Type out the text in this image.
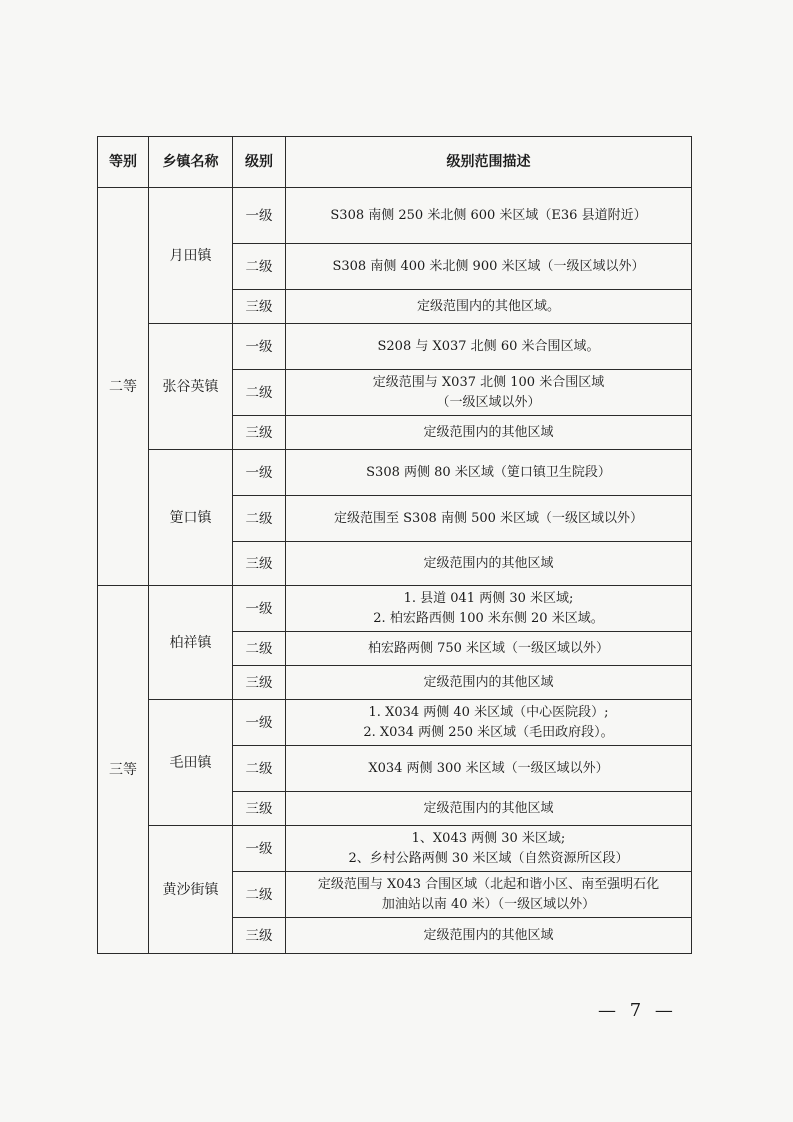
等别	乡镇名称	级别	级别范围描述
二等	月田镇	一级	S308 南侧 250 米北侧 600 米区域（E36 县道附近）

		二级	S308 南侧 400 米北侧 900 米区域（一级区域以外）

		三级	定级范围内的其他区域。

	张谷英镇	一级	S208 与 X037 北侧 60 米合围区域。

		二级	定级范围与 X037 北侧 100 米合围区域
（一级区域以外）

		三级	定级范围内的其他区域

	筻口镇	一级	S308 两侧 80 米区域（筻口镇卫生院段）

		二级	定级范围至 S308 南侧 500 米区域（一级区域以外）

		三级	定级范围内的其他区域

三等	柏祥镇	一级	1. 县道 041 两侧 30 米区域;
2. 柏宏路西侧 100 米东侧 20 米区域。

		二级	柏宏路两侧 750 米区域（一级区域以外）

		三级	定级范围内的其他区域

	毛田镇	一级	1. X034 两侧 40 米区域（中心医院段）;
2. X034 两侧 250 米区域（毛田政府段）。

		二级	X034 两侧 300 米区域（一级区域以外）

		三级	定级范围内的其他区域

	黄沙街镇	一级	1、X043 两侧 30 米区域;
2、乡村公路两侧 30 米区域（自然资源所区段）

		二级	定级范围与 X043 合围区域（北起和谐小区、南至强明石化
加油站以南 40 米）（一级区域以外）

		三级	定级范围内的其他区域
— 7 —
